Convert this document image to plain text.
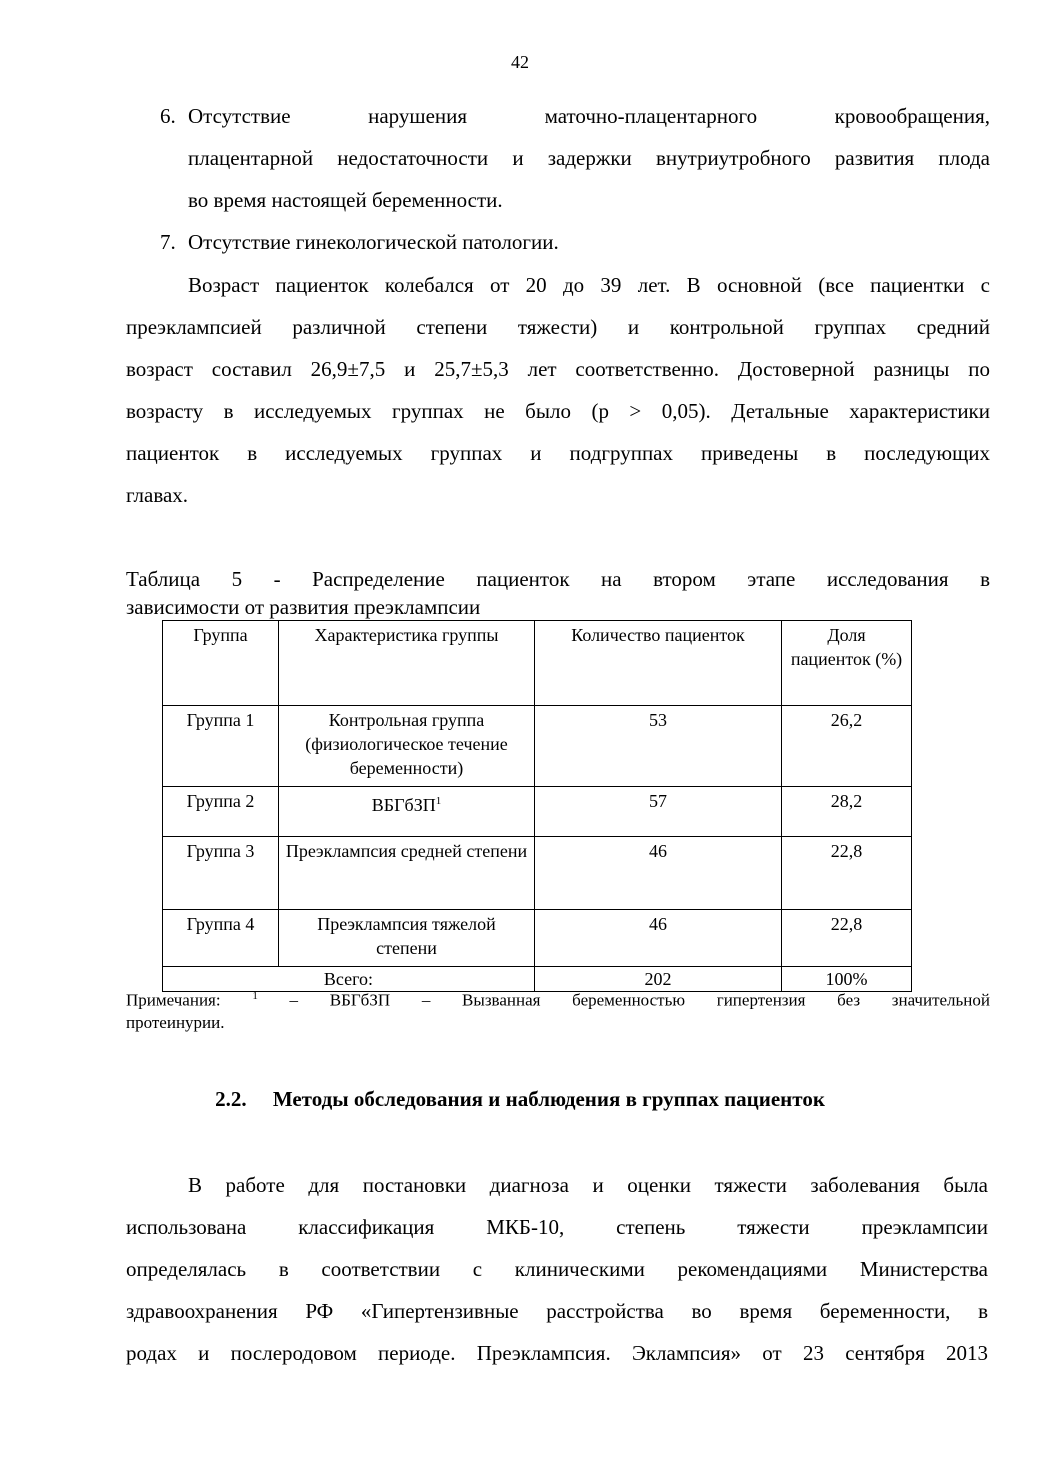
42
6. Отсутствие нарушения маточно-плацентарного кровообращения,
плацентарной недостаточности и задержки внутриутробного развития плода
во время настоящей беременности.
7. Отсутствие гинекологической патологии.
Возраст пациенток колебался от 20 до 39 лет. В основной (все пациентки с
преэклампсией различной степени тяжести) и контрольной группах средний
возраст составил 26,9±7,5 и 25,7±5,3 лет соответственно. Достоверной разницы по
возрасту в исследуемых группах не было (р > 0,05). Детальные характеристики
пациенток в исследуемых группах и подгруппах приведены в последующих
главах.
Таблица 5 - Распределение пациенток на втором этапе исследования в
зависимости от развития преэклампсии
Группа	Характеристика группы	Количество пациенток	Доля пациенток (%)
Группа 1	Контрольная группа (физиологическое течение беременности)	53	26,2
Группа 2	ВБГбЗП$^1$	57	28,2
Группа 3	Преэклампсия средней степени	46	22,8
Группа 4	Преэклампсия тяжелой степени	46	22,8
Всего:		202	100%
Примечания:	$^1$ – ВБГбЗП – Вызванная беременностью гипертензия без значительной
протеинурии.
2.2.     Методы обследования и наблюдения в группах пациенток
В работе для постановки диагноза и оценки тяжести заболевания была
использована классификация МКБ-10, степень тяжести преэклампсии
определялась в соответствии с клиническими рекомендациями Министерства
здравоохранения РФ «Гипертензивные расстройства во время беременности, в
родах и послеродовом периоде. Преэклампсия. Эклампсия» от 23 сентября 2013
